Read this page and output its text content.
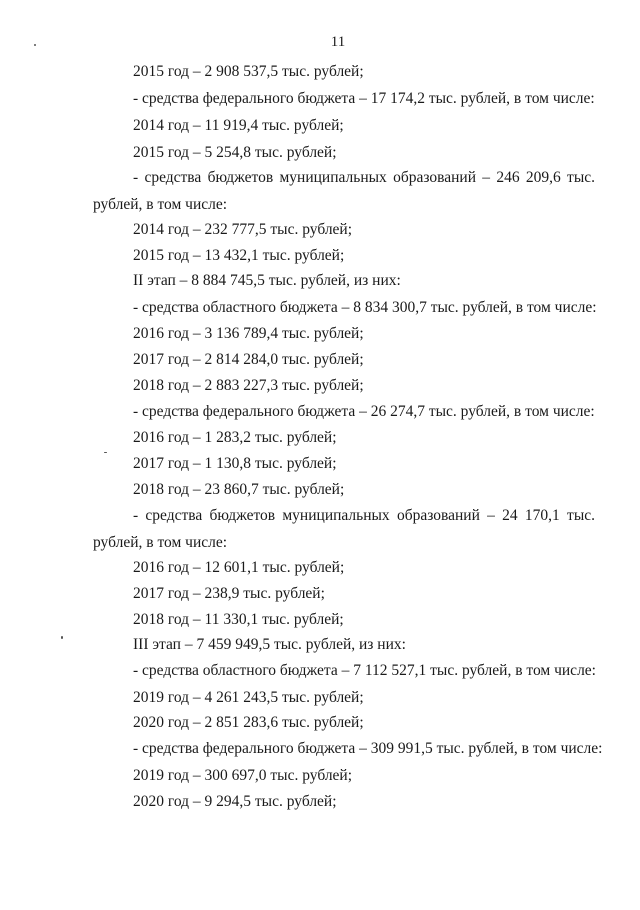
11
2015 год – 2 908 537,5 тыс. рублей;
- средства федерального бюджета – 17 174,2 тыс. рублей, в том числе:
2014 год – 11 919,4 тыс. рублей;
2015 год – 5 254,8 тыс. рублей;
- средства бюджетов муниципальных образований – 246 209,6 тыс.
рублей, в том числе:
2014 год – 232 777,5 тыс. рублей;
2015 год – 13 432,1 тыс. рублей;
II этап – 8 884 745,5 тыс. рублей, из них:
- средства областного бюджета – 8 834 300,7 тыс. рублей, в том числе:
2016 год – 3 136 789,4 тыс. рублей;
2017 год – 2 814 284,0 тыс. рублей;
2018 год – 2 883 227,3 тыс. рублей;
- средства федерального бюджета – 26 274,7 тыс. рублей, в том числе:
2016 год – 1 283,2 тыс. рублей;
2017 год – 1 130,8 тыс. рублей;
2018 год – 23 860,7 тыс. рублей;
- средства бюджетов муниципальных образований – 24 170,1 тыс.
рублей, в том числе:
2016 год – 12 601,1 тыс. рублей;
2017 год – 238,9 тыс. рублей;
2018 год – 11 330,1 тыс. рублей;
III этап – 7 459 949,5 тыс. рублей, из них:
- средства областного бюджета – 7 112 527,1 тыс. рублей, в том числе:
2019 год – 4 261 243,5 тыс. рублей;
2020 год – 2 851 283,6 тыс. рублей;
- средства федерального бюджета – 309 991,5 тыс. рублей, в том числе:
2019 год – 300 697,0 тыс. рублей;
2020 год – 9 294,5 тыс. рублей;
